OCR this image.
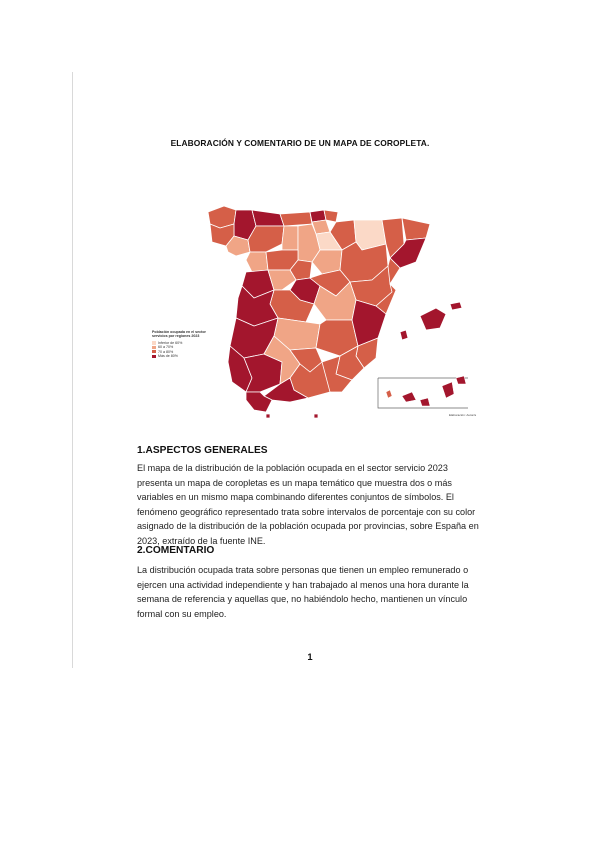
ELABORACIÓN Y COMENTARIO DE UN MAPA DE COROPLETA.
Población ocupada en el sector servicios por regiones 2023
Inferior de 60%
60 a 70%
70 a 80%
Más de 80%
Elaboración: Autor/a
1.ASPECTOS GENERALES
El mapa de la distribución de la población ocupada en el sector servicio 2023 presenta un mapa de coropletas es un mapa temático que muestra dos o más variables en un mismo mapa combinando diferentes conjuntos de símbolos. El fenómeno geográfico representado trata sobre intervalos de porcentaje con su color asignado de la distribución de la población ocupada por provincias, sobre España en 2023, extraído de la fuente INE.
2.COMENTARIO
La distribución ocupada trata sobre personas que tienen un empleo remunerado o ejercen una actividad independiente y han trabajado al menos una hora durante la semana de referencia y aquellas que, no habiéndolo hecho, mantienen un vínculo formal con su empleo.
1
